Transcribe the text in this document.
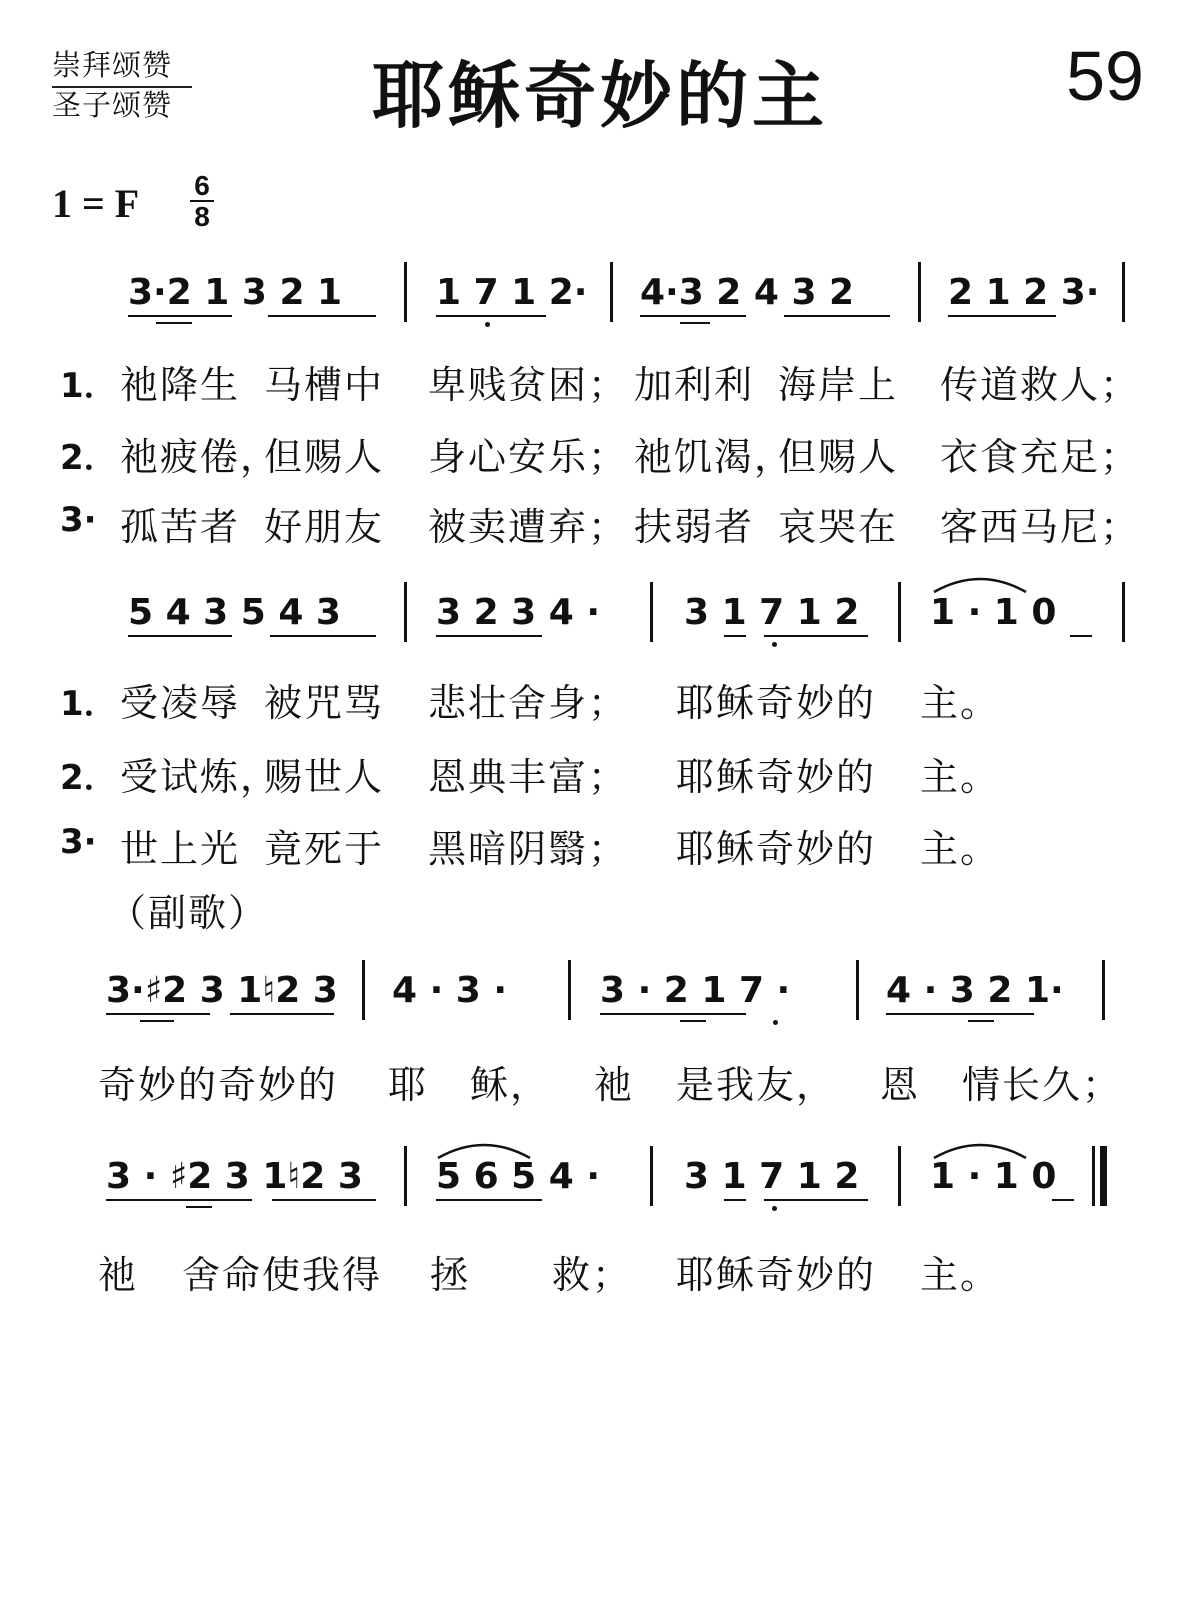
崇拜颂赞
圣子颂赞	耶稣奇妙的主	59
1 = F 6
8
3·2 1 3 2 1	1 7 1 2· 4·3 2 4 3 2	2 1 2 3·
1． 祂降生 马槽中 卑贱贫困； 加利利 海岸上 传道救人；
2． 祂疲倦，
但赐人 身心安乐； 祂饥渴，
但赐人 衣食充足；
3· 孤苦者 好朋友 被卖遭弃； 扶弱者 哀哭在 客西马尼；
5 4 3 5 4 3	3 2 3 4 · 3 1 7 1 2 1 · 1 0
1． 受凌辱 被咒骂 悲壮舍身； 耶稣奇妙的 主。
2． 受试炼，
赐世人 恩典丰富； 耶稣奇妙的 主。
3· 世上光 竟死于 黑暗阴翳； 耶稣奇妙的 主。
（副歌）
3·♯2 3 1♮2 3 4 · 3 ·	3 · 2 1 7 ·	4 · 3 2 1·
奇妙的奇妙的 耶 稣， 祂 是我友， 恩 情长久；
3 · ♯2 3 1♮2 3 5 6 5 4 · 3 1 7 1 2 1 · 1 0
祂 舍命使我得 拯 救； 耶稣奇妙的 主。
